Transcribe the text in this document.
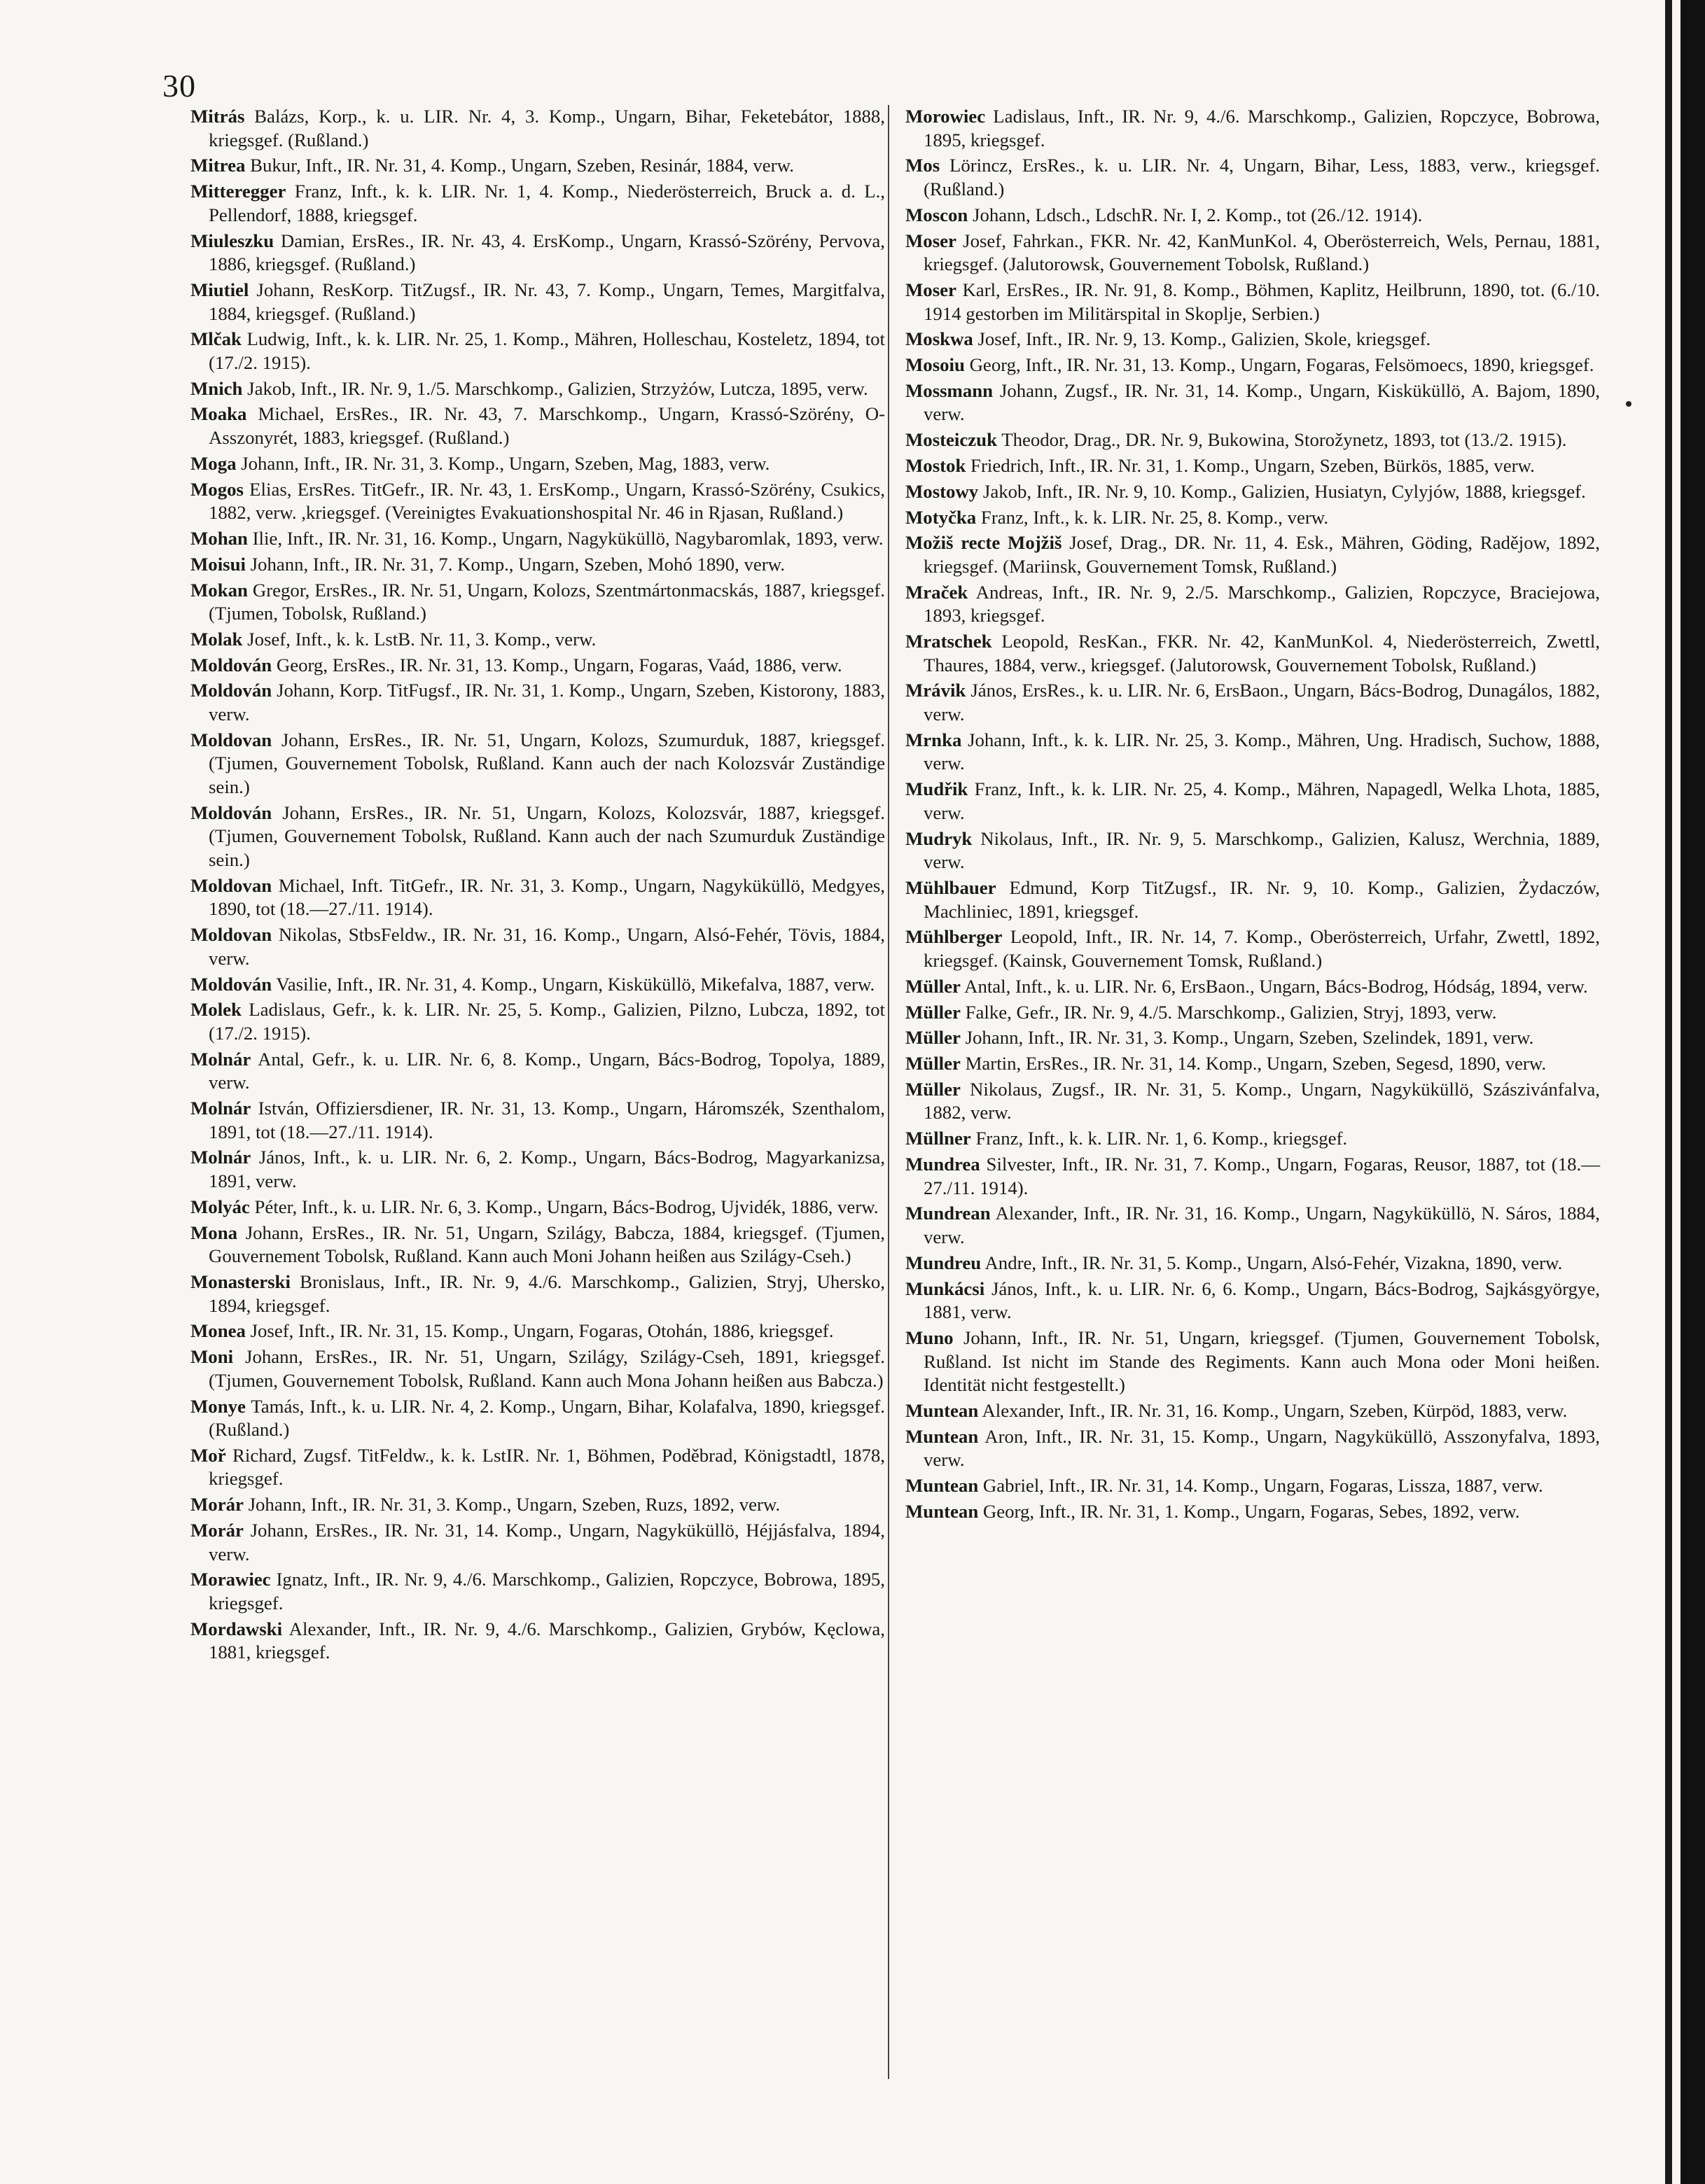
30
Mitrás Balázs, Korp., k. u. LIR. Nr. 4, 3. Komp., Ungarn, Bihar, Feketebátor, 1888, kriegsgef. (Rußland.)
Mitrea Bukur, Inft., IR. Nr. 31, 4. Komp., Ungarn, Szeben, Resinár, 1884, verw.
Mitteregger Franz, Inft., k. k. LIR. Nr. 1, 4. Komp., Niederösterreich, Bruck a. d. L., Pellendorf, 1888, kriegsgef.
Miuleszku Damian, ErsRes., IR. Nr. 43, 4. ErsKomp., Ungarn, Krassó-Szörény, Pervova, 1886, kriegsgef. (Rußland.)
Miutiel Johann, ResKorp. TitZugsf., IR. Nr. 43, 7. Komp., Ungarn, Temes, Margitfalva, 1884, kriegsgef. (Rußland.)
Mlčak Ludwig, Inft., k. k. LIR. Nr. 25, 1. Komp., Mähren, Holleschau, Kosteletz, 1894, tot (17./2. 1915).
Mnich Jakob, Inft., IR. Nr. 9, 1./5. Marschkomp., Galizien, Strzyżów, Lutcza, 1895, verw.
Moaka Michael, ErsRes., IR. Nr. 43, 7. Marschkomp., Ungarn, Krassó-Szörény, O-Asszonyrét, 1883, kriegsgef. (Rußland.)
Moga Johann, Inft., IR. Nr. 31, 3. Komp., Ungarn, Szeben, Mag, 1883, verw.
Mogos Elias, ErsRes. TitGefr., IR. Nr. 43, 1. ErsKomp., Ungarn, Krassó-Szörény, Csukics, 1882, verw. ,kriegsgef. (Vereinigtes Evakuationshospital Nr. 46 in Rjasan, Rußland.)
Mohan Ilie, Inft., IR. Nr. 31, 16. Komp., Ungarn, Nagyküküllö, Nagybaromlak, 1893, verw.
Moisui Johann, Inft., IR. Nr. 31, 7. Komp., Ungarn, Szeben, Mohó 1890, verw.
Mokan Gregor, ErsRes., IR. Nr. 51, Ungarn, Kolozs, Szentmártonmacskás, 1887, kriegsgef. (Tjumen, Tobolsk, Rußland.)
Molak Josef, Inft., k. k. LstB. Nr. 11, 3. Komp., verw.
Moldován Georg, ErsRes., IR. Nr. 31, 13. Komp., Ungarn, Fogaras, Vaád, 1886, verw.
Moldován Johann, Korp. TitFugsf., IR. Nr. 31, 1. Komp., Ungarn, Szeben, Kistorony, 1883, verw.
Moldovan Johann, ErsRes., IR. Nr. 51, Ungarn, Kolozs, Szumurduk, 1887, kriegsgef. (Tjumen, Gouvernement Tobolsk, Rußland. Kann auch der nach Kolozsvár Zuständige sein.)
Moldován Johann, ErsRes., IR. Nr. 51, Ungarn, Kolozs, Kolozsvár, 1887, kriegsgef. (Tjumen, Gouvernement Tobolsk, Rußland. Kann auch der nach Szumurduk Zuständige sein.)
Moldovan Michael, Inft. TitGefr., IR. Nr. 31, 3. Komp., Ungarn, Nagyküküllö, Medgyes, 1890, tot (18.—27./11. 1914).
Moldovan Nikolas, StbsFeldw., IR. Nr. 31, 16. Komp., Ungarn, Alsó-Fehér, Tövis, 1884, verw.
Moldován Vasilie, Inft., IR. Nr. 31, 4. Komp., Ungarn, Kisküküllö, Mikefalva, 1887, verw.
Molek Ladislaus, Gefr., k. k. LIR. Nr. 25, 5. Komp., Galizien, Pilzno, Lubcza, 1892, tot (17./2. 1915).
Molnár Antal, Gefr., k. u. LIR. Nr. 6, 8. Komp., Ungarn, Bács-Bodrog, Topolya, 1889, verw.
Molnár István, Offiziersdiener, IR. Nr. 31, 13. Komp., Ungarn, Háromszék, Szenthalom, 1891, tot (18.—27./11. 1914).
Molnár János, Inft., k. u. LIR. Nr. 6, 2. Komp., Ungarn, Bács-Bodrog, Magyarkanizsa, 1891, verw.
Molyác Péter, Inft., k. u. LIR. Nr. 6, 3. Komp., Ungarn, Bács-Bodrog, Ujvidék, 1886, verw.
Mona Johann, ErsRes., IR. Nr. 51, Ungarn, Szilágy, Babcza, 1884, kriegsgef. (Tjumen, Gouvernement Tobolsk, Rußland. Kann auch Moni Johann heißen aus Szilágy-Cseh.)
Monasterski Bronislaus, Inft., IR. Nr. 9, 4./6. Marschkomp., Galizien, Stryj, Uhersko, 1894, kriegsgef.
Monea Josef, Inft., IR. Nr. 31, 15. Komp., Ungarn, Fogaras, Otohán, 1886, kriegsgef.
Moni Johann, ErsRes., IR. Nr. 51, Ungarn, Szilágy, Szilágy-Cseh, 1891, kriegsgef. (Tjumen, Gouvernement Tobolsk, Rußland. Kann auch Mona Johann heißen aus Babcza.)
Monye Tamás, Inft., k. u. LIR. Nr. 4, 2. Komp., Ungarn, Bihar, Kolafalva, 1890, kriegsgef. (Rußland.)
Moř Richard, Zugsf. TitFeldw., k. k. LstIR. Nr. 1, Böhmen, Poděbrad, Königstadtl, 1878, kriegsgef.
Morár Johann, Inft., IR. Nr. 31, 3. Komp., Ungarn, Szeben, Ruzs, 1892, verw.
Morár Johann, ErsRes., IR. Nr. 31, 14. Komp., Ungarn, Nagyküküllö, Héjjásfalva, 1894, verw.
Morawiec Ignatz, Inft., IR. Nr. 9, 4./6. Marschkomp., Galizien, Ropczyce, Bobrowa, 1895, kriegsgef.
Mordawski Alexander, Inft., IR. Nr. 9, 4./6. Marschkomp., Galizien, Grybów, Kęclowa, 1881, kriegsgef.
Morowiec Ladislaus, Inft., IR. Nr. 9, 4./6. Marschkomp., Galizien, Ropczyce, Bobrowa, 1895, kriegsgef.
Mos Lörincz, ErsRes., k. u. LIR. Nr. 4, Ungarn, Bihar, Less, 1883, verw., kriegsgef. (Rußland.)
Moscon Johann, Ldsch., LdschR. Nr. I, 2. Komp., tot (26./12. 1914).
Moser Josef, Fahrkan., FKR. Nr. 42, KanMunKol. 4, Oberösterreich, Wels, Pernau, 1881, kriegsgef. (Jalutorowsk, Gouvernement Tobolsk, Rußland.)
Moser Karl, ErsRes., IR. Nr. 91, 8. Komp., Böhmen, Kaplitz, Heilbrunn, 1890, tot. (6./10. 1914 gestorben im Militärspital in Skoplje, Serbien.)
Moskwa Josef, Inft., IR. Nr. 9, 13. Komp., Galizien, Skole, kriegsgef.
Mosoiu Georg, Inft., IR. Nr. 31, 13. Komp., Ungarn, Fogaras, Felsömoecs, 1890, kriegsgef.
Mossmann Johann, Zugsf., IR. Nr. 31, 14. Komp., Ungarn, Kisküküllö, A. Bajom, 1890, verw.
Mosteiczuk Theodor, Drag., DR. Nr. 9, Bukowina, Storožynetz, 1893, tot (13./2. 1915).
Mostok Friedrich, Inft., IR. Nr. 31, 1. Komp., Ungarn, Szeben, Bürkös, 1885, verw.
Mostowy Jakob, Inft., IR. Nr. 9, 10. Komp., Galizien, Husiatyn, Cylyjów, 1888, kriegsgef.
Motyčka Franz, Inft., k. k. LIR. Nr. 25, 8. Komp., verw.
Možiš recte Mojžiš Josef, Drag., DR. Nr. 11, 4. Esk., Mähren, Göding, Radějow, 1892, kriegsgef. (Mariinsk, Gouvernement Tomsk, Rußland.)
Mraček Andreas, Inft., IR. Nr. 9, 2./5. Marschkomp., Galizien, Ropczyce, Braciejowa, 1893, kriegsgef.
Mratschek Leopold, ResKan., FKR. Nr. 42, KanMunKol. 4, Niederösterreich, Zwettl, Thaures, 1884, verw., kriegsgef. (Jalutorowsk, Gouvernement Tobolsk, Rußland.)
Mrávik János, ErsRes., k. u. LIR. Nr. 6, ErsBaon., Ungarn, Bács-Bodrog, Dunagálos, 1882, verw.
Mrnka Johann, Inft., k. k. LIR. Nr. 25, 3. Komp., Mähren, Ung. Hradisch, Suchow, 1888, verw.
Mudřik Franz, Inft., k. k. LIR. Nr. 25, 4. Komp., Mähren, Napagedl, Welka Lhota, 1885, verw.
Mudryk Nikolaus, Inft., IR. Nr. 9, 5. Marschkomp., Galizien, Kalusz, Werchnia, 1889, verw.
Mühlbauer Edmund, Korp TitZugsf., IR. Nr. 9, 10. Komp., Galizien, Żydaczów, Machliniec, 1891, kriegsgef.
Mühlberger Leopold, Inft., IR. Nr. 14, 7. Komp., Oberösterreich, Urfahr, Zwettl, 1892, kriegsgef. (Kainsk, Gouvernement Tomsk, Rußland.)
Müller Antal, Inft., k. u. LIR. Nr. 6, ErsBaon., Ungarn, Bács-Bodrog, Hódság, 1894, verw.
Müller Falke, Gefr., IR. Nr. 9, 4./5. Marschkomp., Galizien, Stryj, 1893, verw.
Müller Johann, Inft., IR. Nr. 31, 3. Komp., Ungarn, Szeben, Szelindek, 1891, verw.
Müller Martin, ErsRes., IR. Nr. 31, 14. Komp., Ungarn, Szeben, Segesd, 1890, verw.
Müller Nikolaus, Zugsf., IR. Nr. 31, 5. Komp., Ungarn, Nagyküküllö, Szászivánfalva, 1882, verw.
Müllner Franz, Inft., k. k. LIR. Nr. 1, 6. Komp., kriegsgef.
Mundrea Silvester, Inft., IR. Nr. 31, 7. Komp., Ungarn, Fogaras, Reusor, 1887, tot (18.—27./11. 1914).
Mundrean Alexander, Inft., IR. Nr. 31, 16. Komp., Ungarn, Nagyküküllö, N. Sáros, 1884, verw.
Mundreu Andre, Inft., IR. Nr. 31, 5. Komp., Ungarn, Alsó-Fehér, Vizakna, 1890, verw.
Munkácsi János, Inft., k. u. LIR. Nr. 6, 6. Komp., Ungarn, Bács-Bodrog, Sajkásgyörgye, 1881, verw.
Muno Johann, Inft., IR. Nr. 51, Ungarn, kriegsgef. (Tjumen, Gouvernement Tobolsk, Rußland. Ist nicht im Stande des Regiments. Kann auch Mona oder Moni heißen. Identität nicht festgestellt.)
Muntean Alexander, Inft., IR. Nr. 31, 16. Komp., Ungarn, Szeben, Kürpöd, 1883, verw.
Muntean Aron, Inft., IR. Nr. 31, 15. Komp., Ungarn, Nagyküküllö, Asszonyfalva, 1893, verw.
Muntean Gabriel, Inft., IR. Nr. 31, 14. Komp., Ungarn, Fogaras, Lissza, 1887, verw.
Muntean Georg, Inft., IR. Nr. 31, 1. Komp., Ungarn, Fogaras, Sebes, 1892, verw.
